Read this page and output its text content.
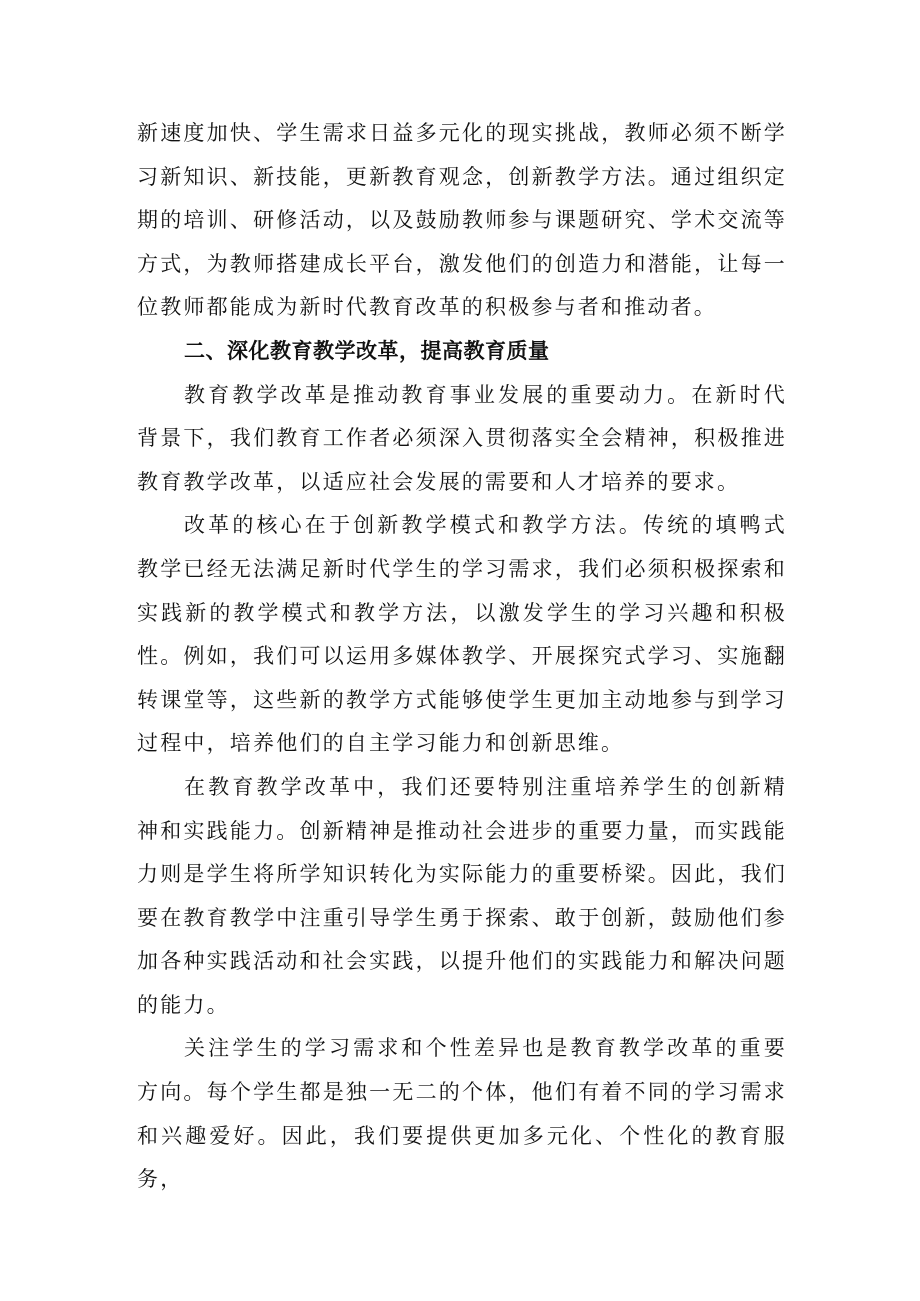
新速度加快、学生需求日益多元化的现实挑战，教师必须不断学习新知识、新技能，更新教育观念，创新教学方法。通过组织定期的培训、研修活动，以及鼓励教师参与课题研究、学术交流等方式，为教师搭建成长平台，激发他们的创造力和潜能，让每一位教师都能成为新时代教育改革的积极参与者和推动者。

二、深化教育教学改革，提高教育质量

教育教学改革是推动教育事业发展的重要动力。在新时代背景下，我们教育工作者必须深入贯彻落实全会精神，积极推进教育教学改革，以适应社会发展的需要和人才培养的要求。

改革的核心在于创新教学模式和教学方法。传统的填鸭式教学已经无法满足新时代学生的学习需求，我们必须积极探索和实践新的教学模式和教学方法，以激发学生的学习兴趣和积极性。例如，我们可以运用多媒体教学、开展探究式学习、实施翻转课堂等，这些新的教学方式能够使学生更加主动地参与到学习过程中，培养他们的自主学习能力和创新思维。

在教育教学改革中，我们还要特别注重培养学生的创新精神和实践能力。创新精神是推动社会进步的重要力量，而实践能力则是学生将所学知识转化为实际能力的重要桥梁。因此，我们要在教育教学中注重引导学生勇于探索、敢于创新，鼓励他们参加各种实践活动和社会实践，以提升他们的实践能力和解决问题的能力。

关注学生的学习需求和个性差异也是教育教学改革的重要方向。每个学生都是独一无二的个体，他们有着不同的学习需求和兴趣爱好。因此，我们要提供更加多元化、个性化的教育服务，
